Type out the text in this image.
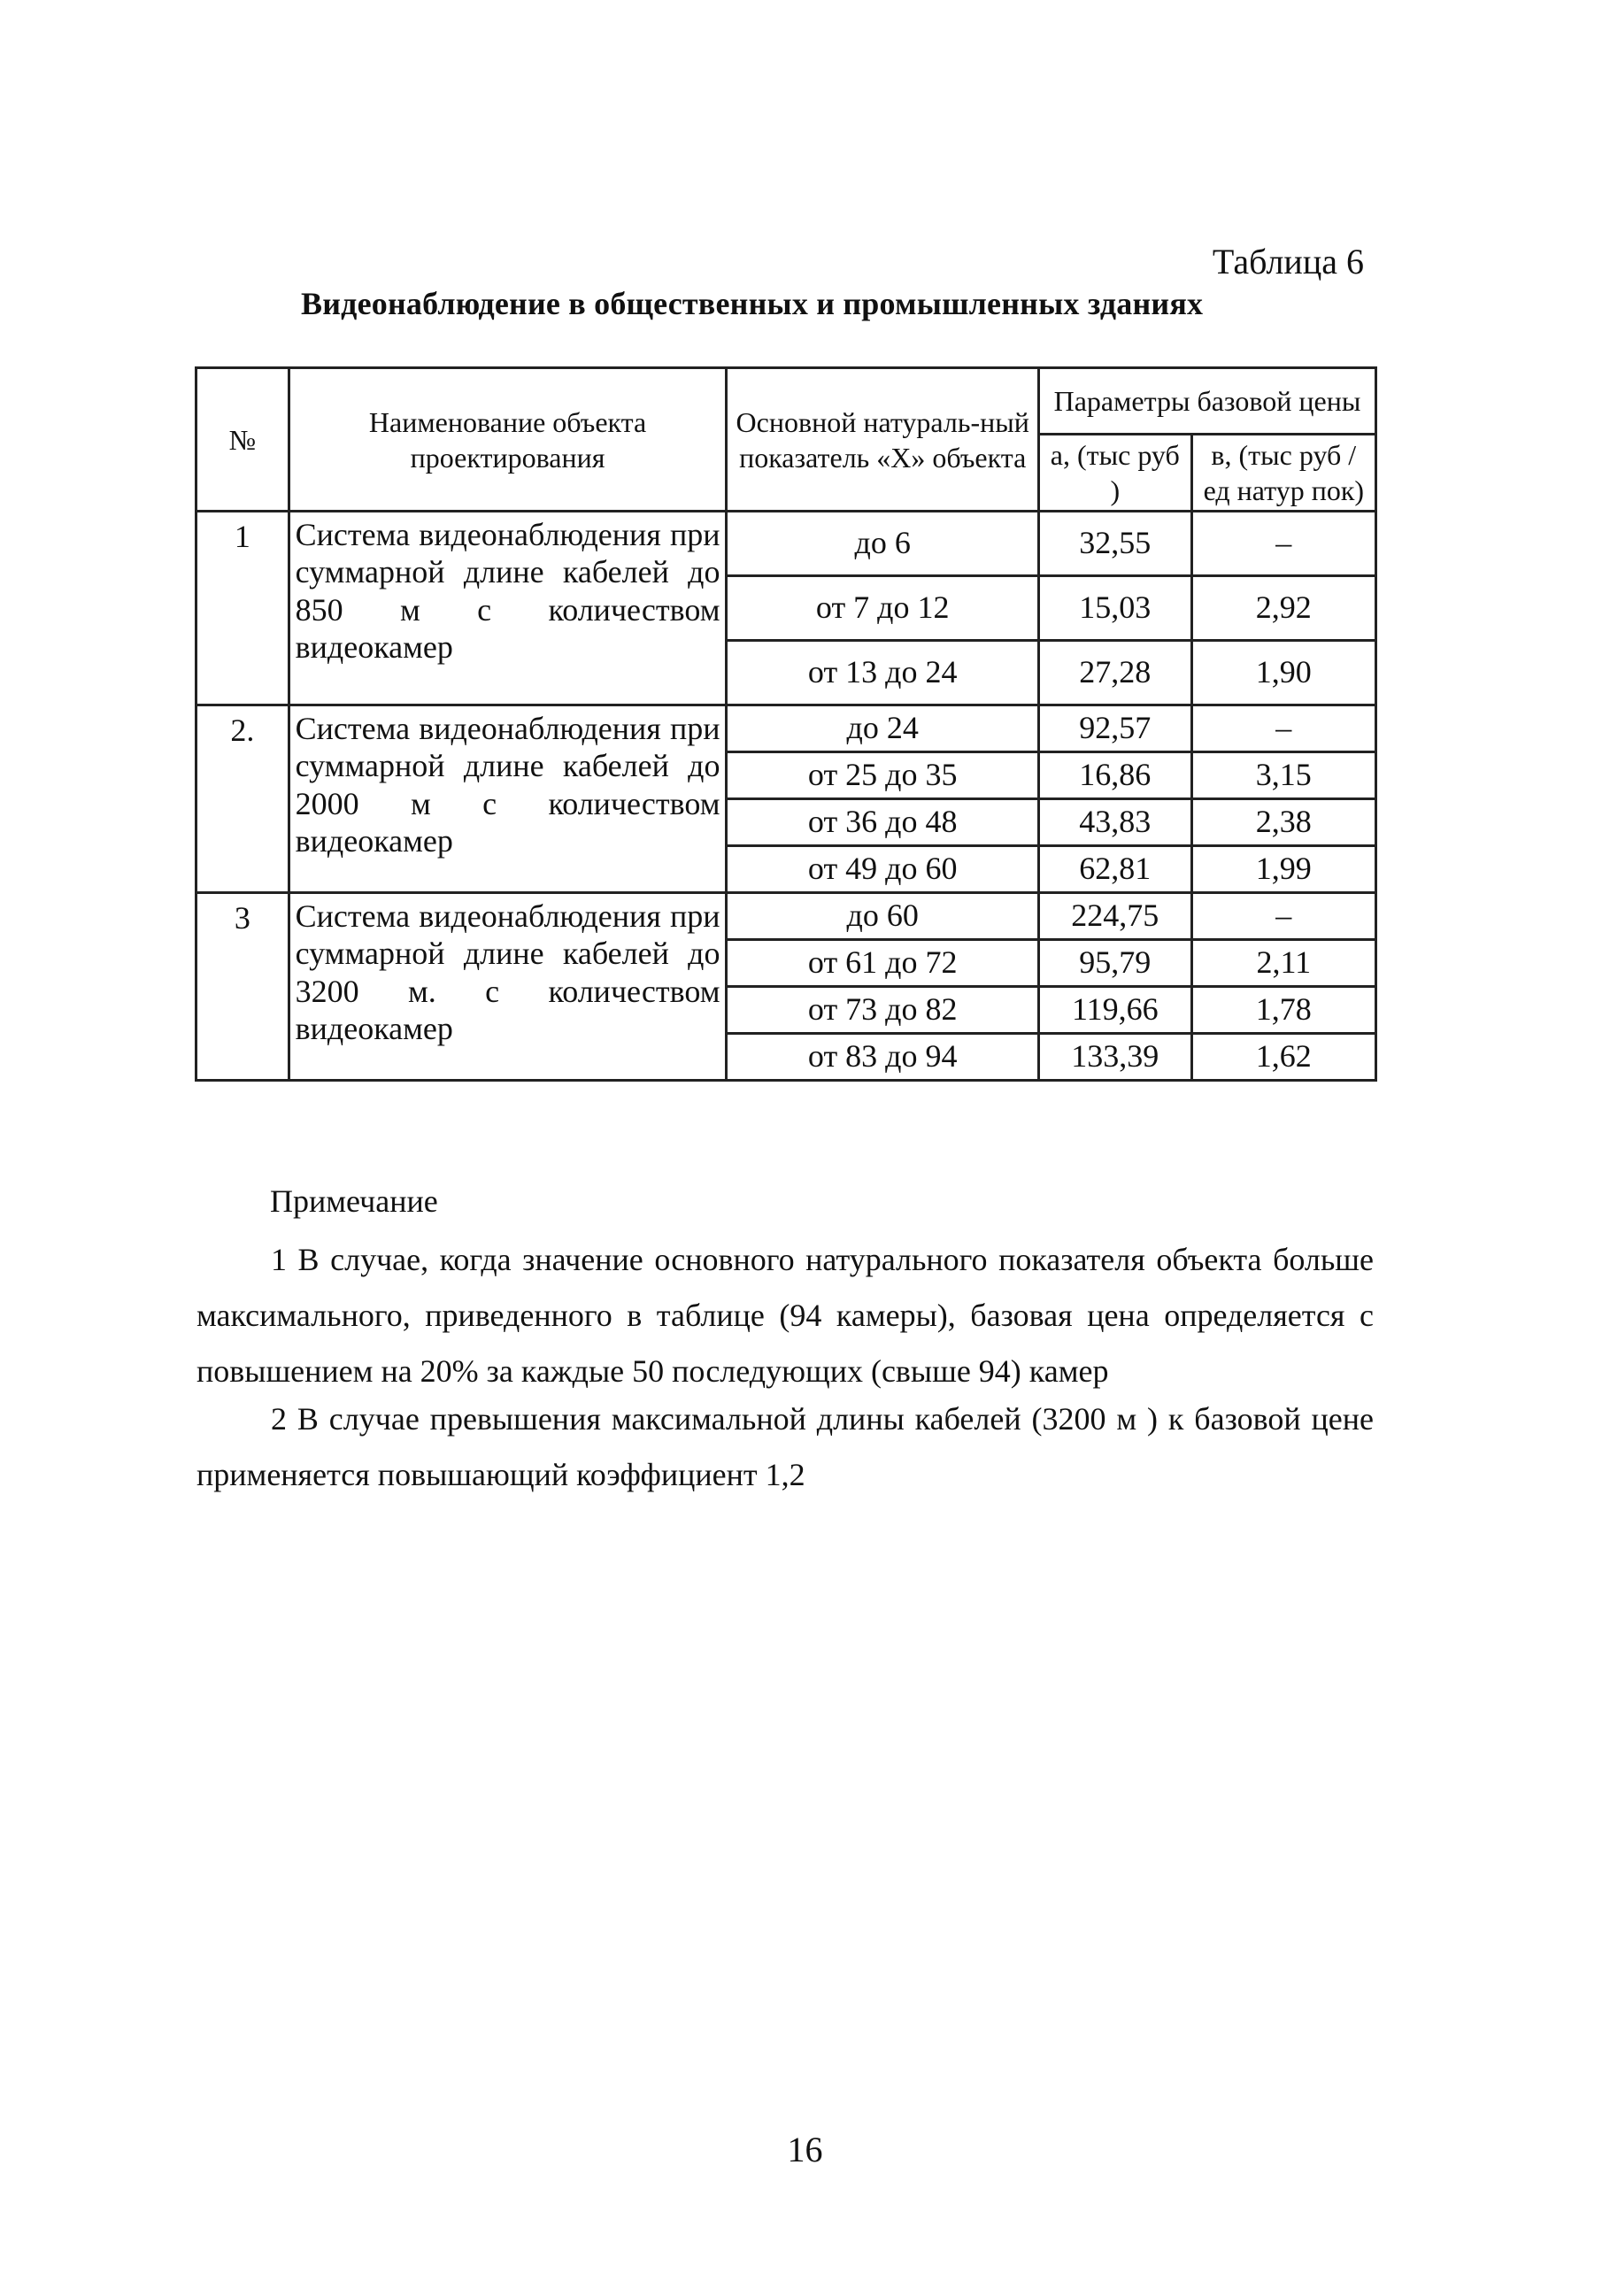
Таблица 6
Видеонаблюдение в общественных и промышленных зданиях
№	Наименование объекта проектирования	Основной натураль-ный показатель «X» объекта	Параметры базовой цены	
			а, (тыс руб )	в, (тыс руб /ед натур пок)
1	Система видеонаблюдения при суммарной длине кабелей до 850 м с количеством видеокамер	до 6	32,55	–
		от 7 до 12	15,03	2,92
		от 13 до 24	27,28	1,90
2.	Система видеонаблюдения при суммарной длине кабелей до 2000 м с количеством видеокамер	до 24	92,57	–
		от 25 до 35	16,86	3,15
		от 36 до 48	43,83	2,38
		от 49 до 60	62,81	1,99
3	Система видеонаблюдения при суммарной длине кабелей до 3200 м. с количеством видеокамер	до 60	224,75	–
		от 61 до 72	95,79	2,11
		от 73 до 82	119,66	1,78
		от 83 до 94	133,39	1,62
Примечание
1 В случае, когда значение основного натурального показателя объекта больше максимального, приведенного в таблице (94 камеры), базовая цена определяется с повышением на 20% за каждые 50 последующих (свыше 94) камер
2 В случае превышения максимальной длины кабелей (3200 м ) к базовой цене применяется повышающий коэффициент 1,2
16
